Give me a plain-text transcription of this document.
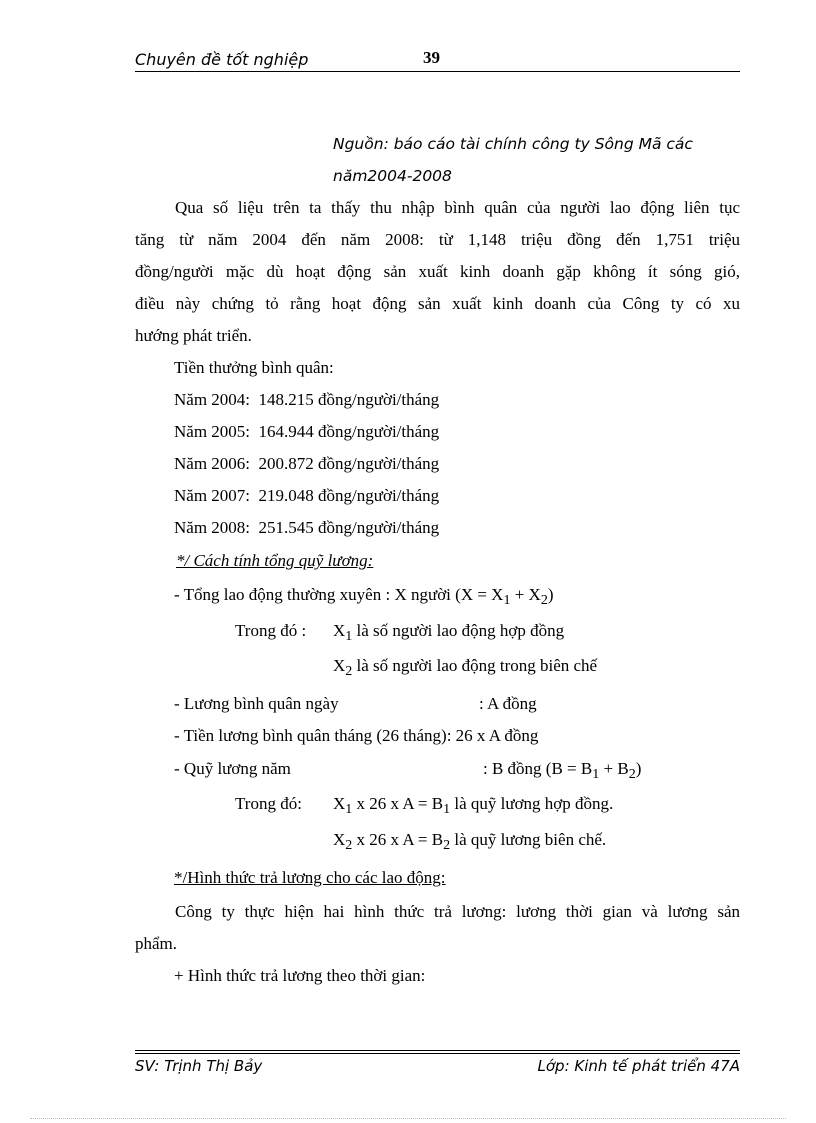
Chuyên đề tốt nghiệp	39
Nguồn: báo cáo tài chính công ty Sông Mã các
năm2004-2008
Qua số liệu trên ta thấy thu nhập bình quân của người lao động liên tục
tăng từ năm 2004 đến năm 2008: từ 1,148 triệu đồng đến 1,751 triệu
đồng/người mặc dù hoạt động sản xuất kinh doanh gặp không ít sóng gió,
điều này chứng tỏ rằng hoạt động sản xuất kinh doanh của Công ty có xu
hướng phát triển.
Tiền thưởng bình quân:
Năm 2004: 148.215 đồng/người/tháng
Năm 2005: 164.944 đồng/người/tháng
Năm 2006: 200.872 đồng/người/tháng
Năm 2007: 219.048 đồng/người/tháng
Năm 2008: 251.545 đồng/người/tháng
*/ Cách tính tổng quỹ lương:
- Tổng lao động thường xuyên : X người $(X = X_1 + X_2)$
Trong đó : $X_1$ là số người lao động hợp đồng
$X_2$ là số người lao động trong biên chế
- Lương bình quân ngày	: A đồng
- Tiền lương bình quân tháng (26 tháng): 26 x A đồng
- Quỹ lương năm	: B đồng $(B = B_1 + B_2)$
Trong đó: $X_1$ x 26 x $A = B_1$ là quỹ lương hợp đồng.
$X_2$ x 26 x $A = B_2$ là quỹ lương biên chế.
*/Hình thức trả lương cho các lao động:
Công ty thực hiện hai hình thức trả lương: lương thời gian và lương sản
phẩm.
+ Hình thức trả lương theo thời gian:
SV: Trịnh Thị Bảy	Lớp: Kinh tế phát triển 47A
